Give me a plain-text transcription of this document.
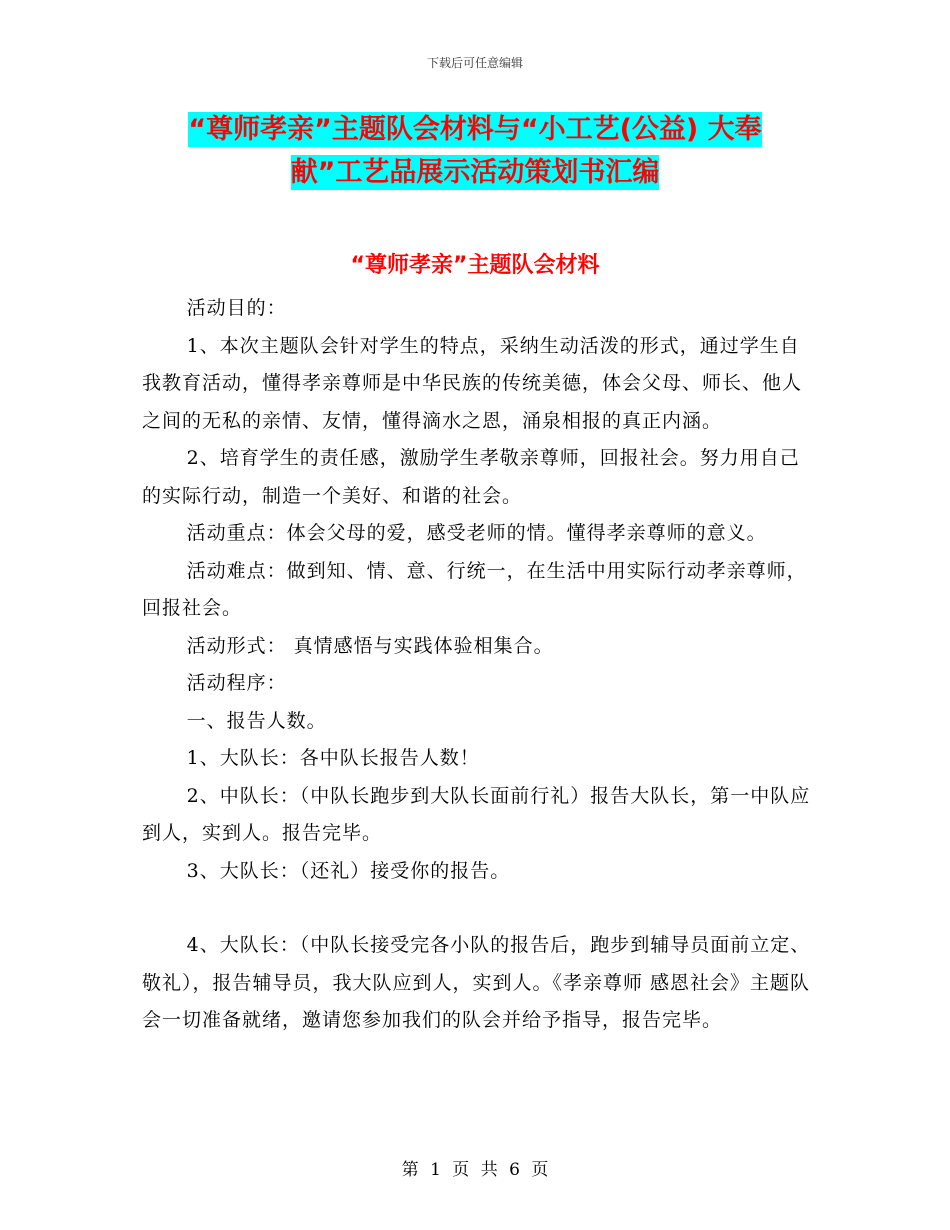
下载后可任意编辑
“尊师孝亲”主题队会材料与“小工艺(公益) 大奉
献”工艺品展示活动策划书汇编
“尊师孝亲”主题队会材料

活动目的：

1、本次主题队会针对学生的特点，采纳生动活泼的形式，通过学生自我教育活动，懂得孝亲尊师是中华民族的传统美德，体会父母、师长、他人之间的无私的亲情、友情，懂得滴水之恩，涌泉相报的真正内涵。

2、培育学生的责任感，激励学生孝敬亲尊师，回报社会。努力用自己的实际行动，制造一个美好、和谐的社会。

活动重点：体会父母的爱，感受老师的情。懂得孝亲尊师的意义。

活动难点：做到知、情、意、行统一，在生活中用实际行动孝亲尊师，回报社会。

活动形式： 真情感悟与实践体验相集合。

活动程序：

一、报告人数。

1、大队长：各中队长报告人数！

2、中队长：（中队长跑步到大队长面前行礼）报告大队长，第一中队应到人，实到人。报告完毕。

3、大队长：（还礼）接受你的报告。

4、大队长：（中队长接受完各小队的报告后，跑步到辅导员面前立定、敬礼），报告辅导员，我大队应到人，实到人。《孝亲尊师 感恩社会》主题队会一切准备就绪，邀请您参加我们的队会并给予指导，报告完毕。

第 1 页 共 6 页
